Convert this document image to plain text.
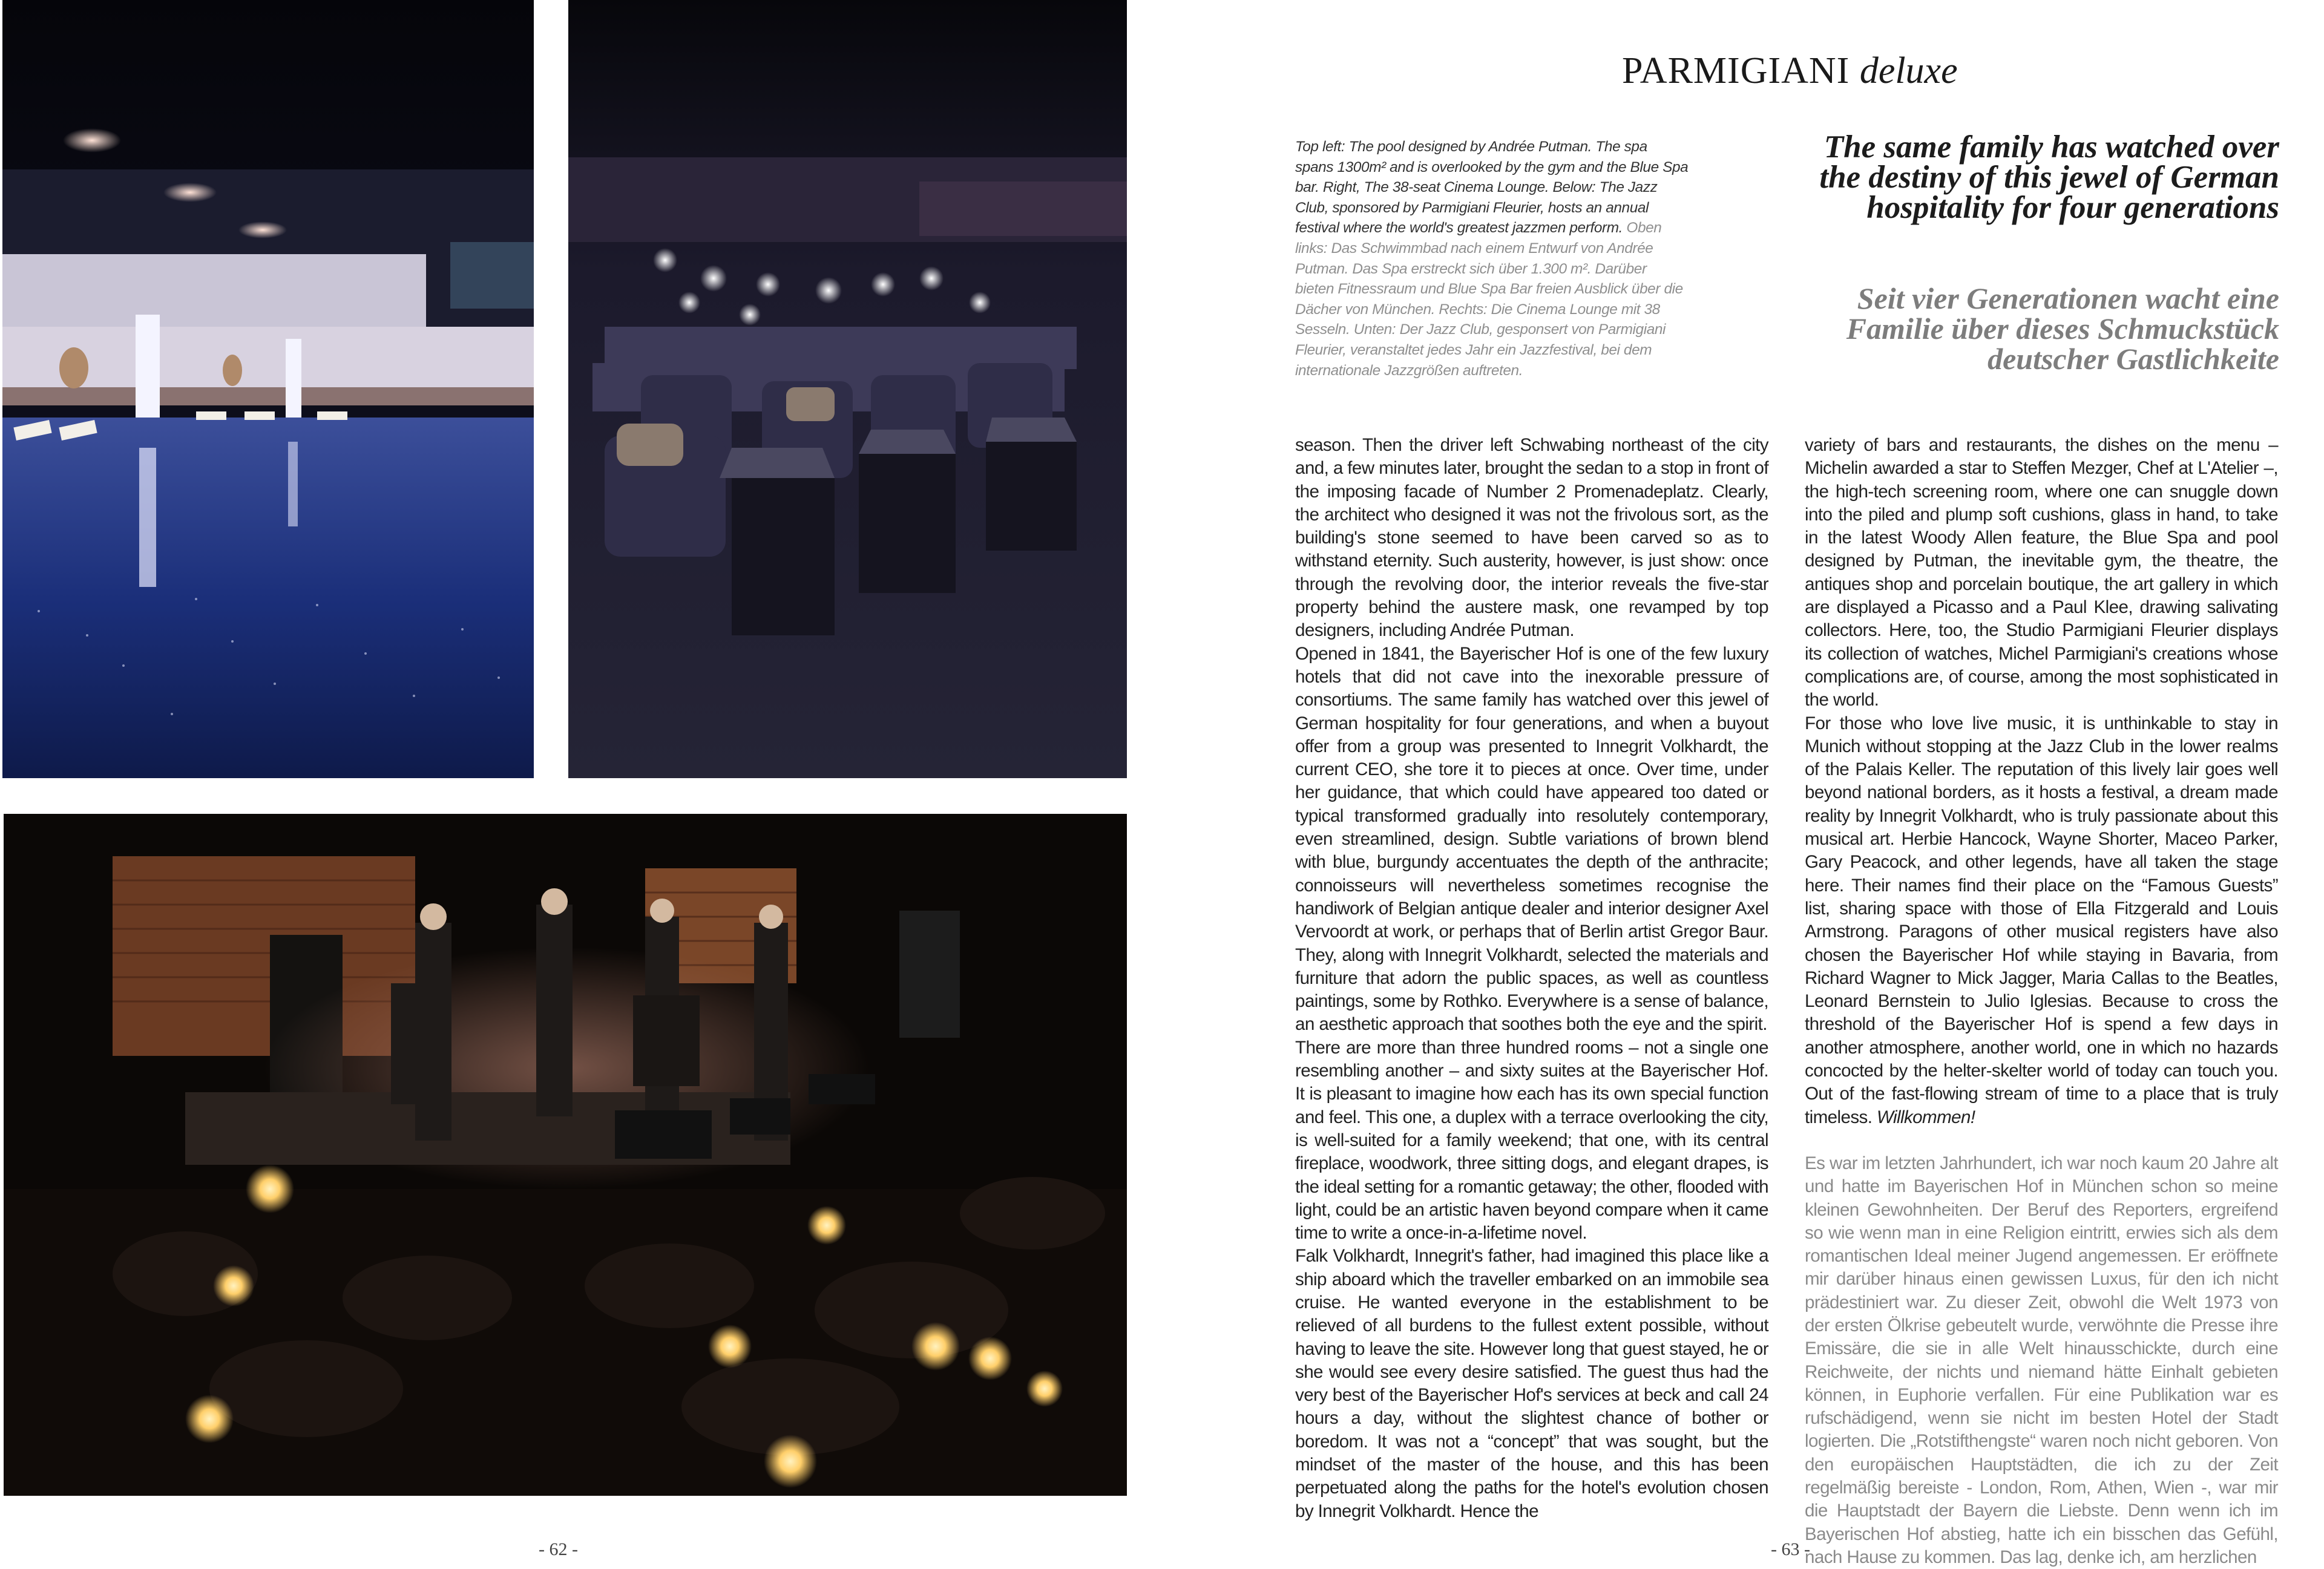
PARMIGIANI deluxe
Top left: The pool designed by Andrée Putman. The spa spans 1300m² and is overlooked by the gym and the Blue Spa bar. Right, The 38-seat Cinema Lounge. Below: The Jazz Club, sponsored by Parmigiani Fleurier, hosts an annual festival where the world's greatest jazzmen perform. Oben links: Das Schwimmbad nach einem Entwurf von Andrée Putman. Das Spa erstreckt sich über 1.300 m². Darüber bieten Fitnessraum und Blue Spa Bar freien Ausblick über die Dächer von München. Rechts: Die Cinema Lounge mit 38 Sesseln. Unten: Der Jazz Club, gesponsert von Parmigiani Fleurier, veranstaltet jedes Jahr ein Jazzfestival, bei dem internationale Jazzgrößen auftreten.
The same family has watched over the destiny of this jewel of German hospitality for four generations
Seit vier Generationen wacht eine Familie über dieses Schmuckstück deutscher Gastlichkeite

season. Then the driver left Schwabing northeast of the city and, a few minutes later, brought the sedan to a stop in front of the imposing facade of Number 2 Promenadeplatz. Clearly, the architect who designed it was not the frivolous sort, as the building's stone seemed to have been carved so as to withstand eternity. Such austerity, however, is just show: once through the revolving door, the interior reveals the five-star property behind the austere mask, one revamped by top designers, including Andrée Putman.

Opened in 1841, the Bayerischer Hof is one of the few luxury hotels that did not cave into the inexorable pressure of consortiums. The same family has watched over this jewel of German hospitality for four generations, and when a buyout offer from a group was presented to Innegrit Volkhardt, the current CEO, she tore it to pieces at once. Over time, under her guidance, that which could have appeared too dated or typical transformed gradually into resolutely contemporary, even streamlined, design. Subtle variations of brown blend with blue, burgundy accentuates the depth of the anthracite; connoisseurs will nevertheless sometimes recognise the handiwork of Belgian antique dealer and interior designer Axel Vervoordt at work, or perhaps that of Berlin artist Gregor Baur. They, along with Innegrit Volkhardt, selected the materials and furniture that adorn the public spaces, as well as countless paintings, some by Rothko. Everywhere is a sense of balance, an aesthetic approach that soothes both the eye and the spirit.

There are more than three hundred rooms – not a single one resembling another – and sixty suites at the Bayerischer Hof. It is pleasant to imagine how each has its own special function and feel. This one, a duplex with a terrace overlooking the city, is well-suited for a family weekend; that one, with its central fireplace, woodwork, three sitting dogs, and elegant drapes, is the ideal setting for a romantic getaway; the other, flooded with light, could be an artistic haven beyond compare when it came time to write a once-in-a-lifetime novel.

Falk Volkhardt, Innegrit's father, had imagined this place like a ship aboard which the traveller embarked on an immobile sea cruise. He wanted everyone in the establishment to be relieved of all burdens to the fullest extent possible, without having to leave the site. However long that guest stayed, he or she would see every desire satisfied. The guest thus had the very best of the Bayerischer Hof's services at beck and call 24 hours a day, without the slightest chance of bother or boredom. It was not a “concept” that was sought, but the mindset of the master of the house, and this has been perpetuated along the paths for the hotel's evolution chosen by Innegrit Volkhardt. Hence the

variety of bars and restaurants, the dishes on the menu – Michelin awarded a star to Steffen Mezger, Chef at L'Atelier –, the high-tech screening room, where one can snuggle down into the piled and plump soft cushions, glass in hand, to take in the latest Woody Allen feature, the Blue Spa and pool designed by Putman, the inevitable gym, the theatre, the antiques shop and porcelain boutique, the art gallery in which are displayed a Picasso and a Paul Klee, drawing salivating collectors. Here, too, the Studio Parmigiani Fleurier displays its collection of watches, Michel Parmigiani's creations whose complications are, of course, among the most sophisticated in the world.

For those who love live music, it is unthinkable to stay in Munich without stopping at the Jazz Club in the lower realms of the Palais Keller. The reputation of this lively lair goes well beyond national borders, as it hosts a festival, a dream made reality by Innegrit Volkhardt, who is truly passionate about this musical art. Herbie Hancock, Wayne Shorter, Maceo Parker, Gary Peacock, and other legends, have all taken the stage here. Their names find their place on the “Famous Guests” list, sharing space with those of Ella Fitzgerald and Louis Armstrong. Paragons of other musical registers have also chosen the Bayerischer Hof while staying in Bavaria, from Richard Wagner to Mick Jagger, Maria Callas to the Beatles, Leonard Bernstein to Julio Iglesias. Because to cross the threshold of the Bayerischer Hof is spend a few days in another atmosphere, another world, one in which no hazards concocted by the helter-skelter world of today can touch you. Out of the fast-flowing stream of time to a place that is truly timeless. Willkommen!

Es war im letzten Jahrhundert, ich war noch kaum 20 Jahre alt und hatte im Bayerischen Hof in München schon so meine kleinen Gewohnheiten. Der Beruf des Reporters, ergreifend so wie wenn man in eine Religion eintritt, erwies sich als dem romantischen Ideal meiner Jugend angemessen. Er eröffnete mir darüber hinaus einen gewissen Luxus, für den ich nicht prädestiniert war. Zu dieser Zeit, obwohl die Welt 1973 von der ersten Ölkrise gebeutelt wurde, verwöhnte die Presse ihre Emissäre, die sie in alle Welt hinausschickte, durch eine Reichweite, der nichts und niemand hätte Einhalt gebieten können, in Euphorie verfallen. Für eine Publikation war es rufschädigend, wenn sie nicht im besten Hotel der Stadt logierten. Die „Rotstifthengste“ waren noch nicht geboren. Von den europäischen Hauptstädten, die ich zu der Zeit regelmäßig bereiste - London, Rom, Athen, Wien -, war mir die Hauptstadt der Bayern die Liebste. Denn wenn ich im Bayerischen Hof abstieg, hatte ich ein bisschen das Gefühl, nach Hause zu kommen. Das lag, denke ich, am herzlichen

- 62 -	- 63 -
